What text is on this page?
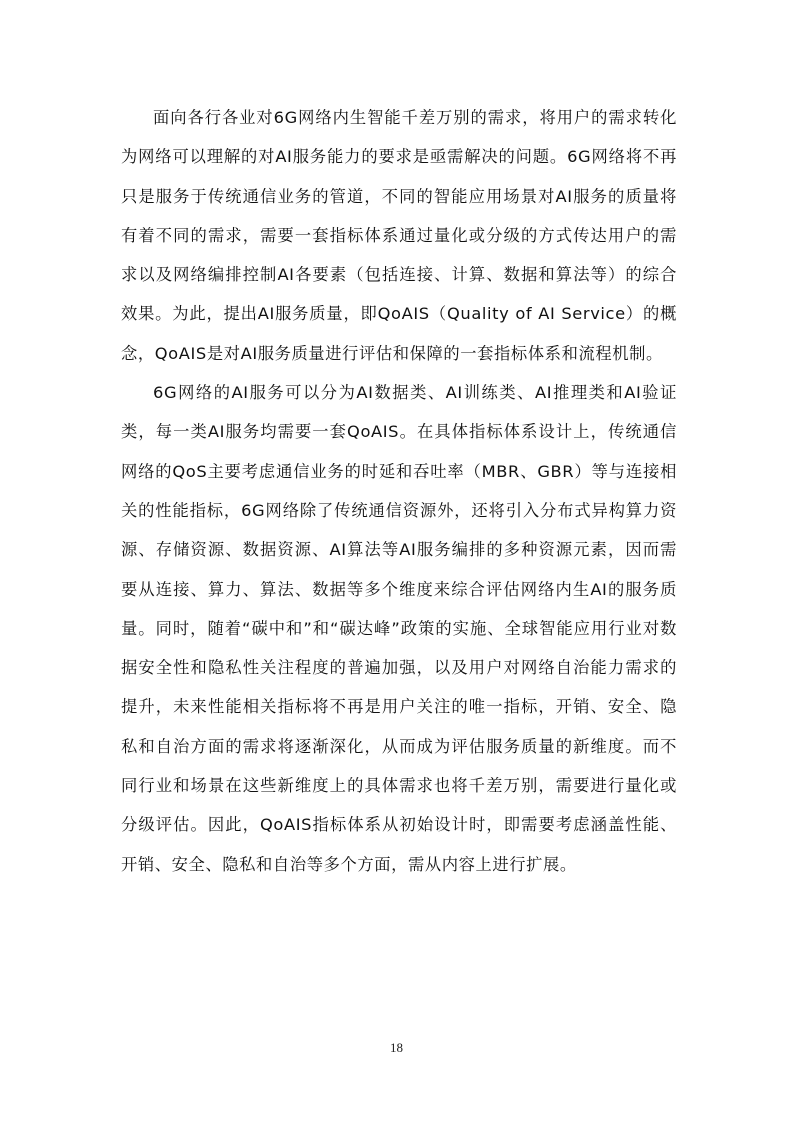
面向各行各业对6G网络内生智能千差万别的需求，将用户的需求转化为网络可以理解的对AI服务能力的要求是亟需解决的问题。6G网络将不再只是服务于传统通信业务的管道，不同的智能应用场景对AI服务的质量将有着不同的需求，需要一套指标体系通过量化或分级的方式传达用户的需求以及网络编排控制AI各要素（包括连接、计算、数据和算法等）的综合效果。为此，提出AI服务质量，即QoAIS（Quality of AI Service）的概念，QoAIS是对AI服务质量进行评估和保障的一套指标体系和流程机制。

6G网络的AI服务可以分为AI数据类、AI训练类、AI推理类和AI验证类，每一类AI服务均需要一套QoAIS。在具体指标体系设计上，传统通信网络的QoS主要考虑通信业务的时延和吞吐率（MBR、GBR）等与连接相关的性能指标，6G网络除了传统通信资源外，还将引入分布式异构算力资源、存储资源、数据资源、AI算法等AI服务编排的多种资源元素，因而需要从连接、算力、算法、数据等多个维度来综合评估网络内生AI的服务质量。同时，随着“碳中和”和“碳达峰”政策的实施、全球智能应用行业对数据安全性和隐私性关注程度的普遍加强，以及用户对网络自治能力需求的提升，未来性能相关指标将不再是用户关注的唯一指标，开销、安全、隐私和自治方面的需求将逐渐深化，从而成为评估服务质量的新维度。而不同行业和场景在这些新维度上的具体需求也将千差万别，需要进行量化或分级评估。因此，QoAIS指标体系从初始设计时，即需要考虑涵盖性能、开销、安全、隐私和自治等多个方面，需从内容上进行扩展。

18
